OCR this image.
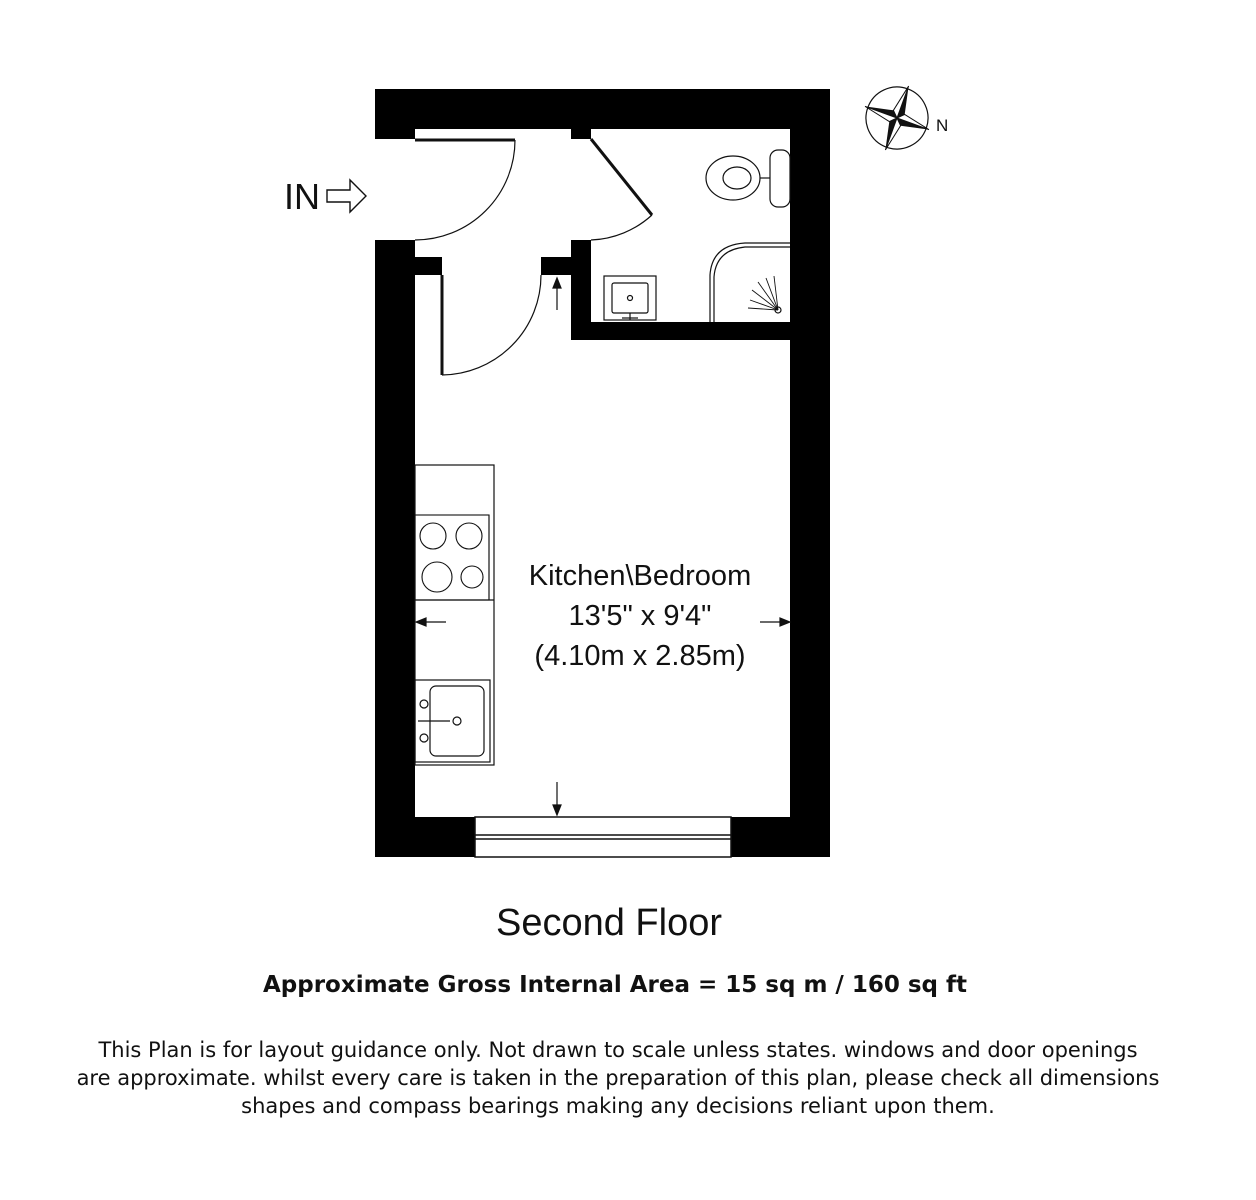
IN
N
Kitchen\Bedroom
13'5" x 9'4"
(4.10m x 2.85m)
Second Floor
Approximate Gross Internal Area = 15 sq m / 160 sq ft
This Plan is for layout guidance only. Not drawn to scale unless states. windows and door openings
are approximate. whilst every care is taken in the preparation of this plan, please check all dimensions
shapes and compass bearings making any decisions reliant upon them.
